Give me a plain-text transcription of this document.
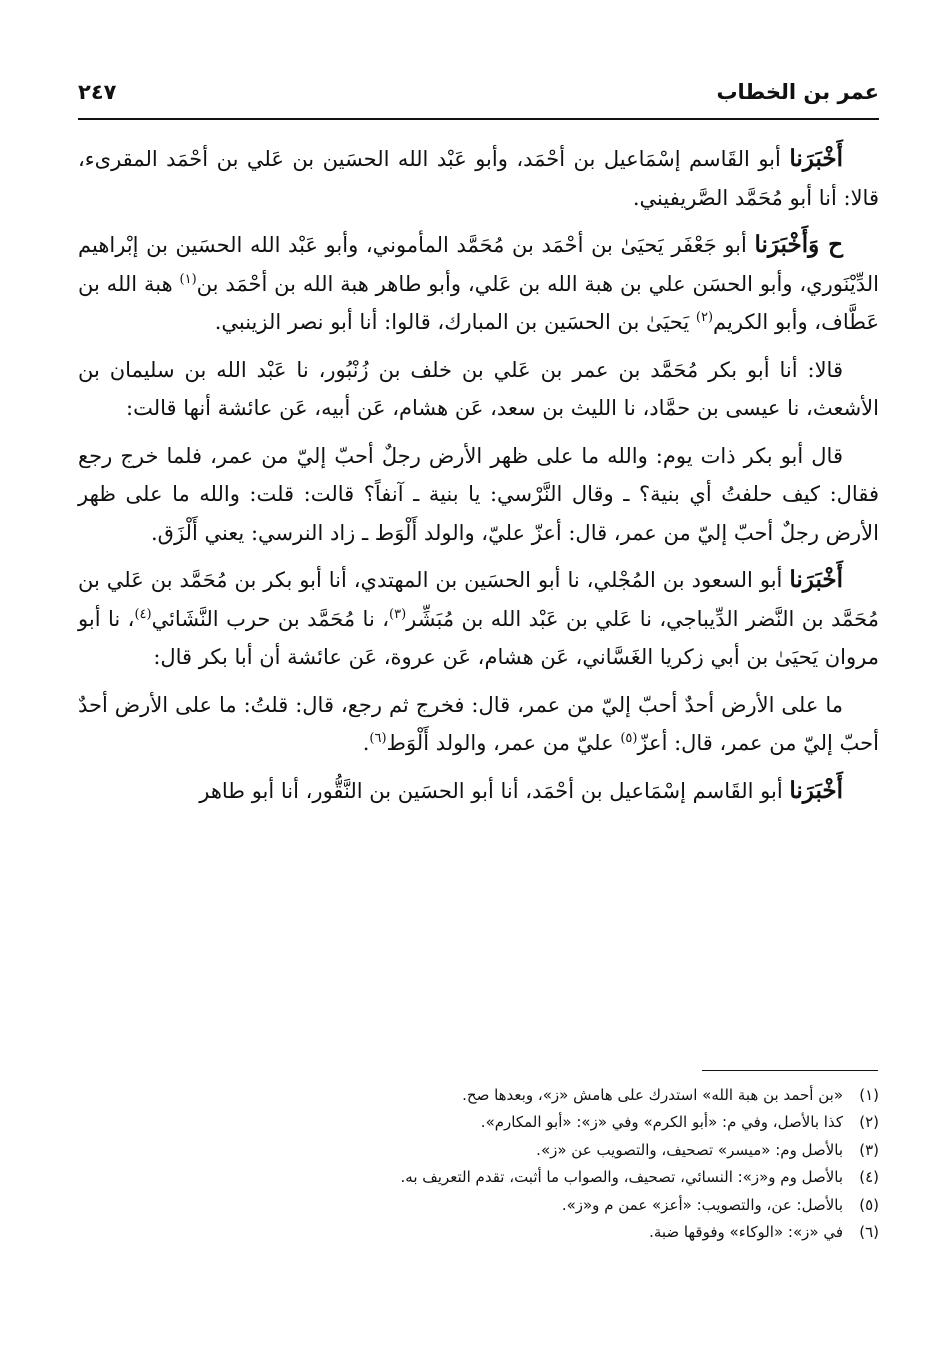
عمر بن الخطاب
٢٤٧

أَخْبَرَنا أبو القَاسم إسْمَاعيل بن أحْمَد، وأبو عَبْد الله الحسَين بن عَلي بن أحْمَد المقرىء، قالا: أنا أبو مُحَمَّد الصَّريفيني.

ح وَأَخْبَرَنا أبو جَعْفَر يَحيَىٰ بن أحْمَد بن مُحَمَّد المأموني، وأبو عَبْد الله الحسَين بن إبْراهيم الدِّيْنَوري، وأبو الحسَن علي بن هبة الله بن عَلي، وأبو طاهر هبة الله بن أحْمَد بن$^{(١)}$ هبة الله بن عَطَّاف، وأبو الكريم$^{(٢)}$ يَحيَىٰ بن الحسَين بن المبارك، قالوا: أنا أبو نصر الزينبي.

قالا: أنا أبو بكر مُحَمَّد بن عمر بن عَلي بن خلف بن زُنْبُور، نا عَبْد الله بن سليمان بن الأشعث، نا عيسى بن حمَّاد، نا الليث بن سعد، عَن هشام، عَن أبيه، عَن عائشة أنها قالت:

قال أبو بكر ذات يوم: والله ما على ظهر الأرض رجلٌ أحبّ إليّ من عمر، فلما خرج رجع فقال: كيف حلفتُ أي بنية؟ ـ وقال النَّرْسي: يا بنية ـ آنفاً؟ قالت: قلت: والله ما على ظهر الأرض رجلٌ أحبّ إليّ من عمر، قال: أعزّ عليّ، والولد أَلْوَط ـ زاد النرسي: يعني أَلْزَق.

أَخْبَرَنا أبو السعود بن المُجْلي، نا أبو الحسَين بن المهتدي، أنا أبو بكر بن مُحَمَّد بن عَلي بن مُحَمَّد بن النَّضر الدِّيباجي، نا عَلي بن عَبْد الله بن مُبَشِّر$^{(٣)}$، نا مُحَمَّد بن حرب النَّشَائي$^{(٤)}$، نا أبو مروان يَحيَىٰ بن أبي زكريا الغَسَّاني، عَن هشام، عَن عروة، عَن عائشة أن أبا بكر قال:

ما على الأرض أحدٌ أحبّ إليّ من عمر، قال: فخرج ثم رجع، قال: قلتُ: ما على الأرض أحدٌ أحبّ إليّ من عمر، قال: أعزّ$^{(٥)}$ عليّ من عمر، والولد أَلْوَط$^{(٦)}$.

أَخْبَرَنا أبو القَاسم إسْمَاعيل بن أحْمَد، أنا أبو الحسَين بن النَّقُّور، أنا أبو طاهر

(١)
«بن أحمد بن هبة الله» استدرك على هامش «ز»، وبعدها صح.
(٢)
كذا بالأصل، وفي م: «أبو الكرم» وفي «ز»: «أبو المكارم».
(٣)
بالأصل وم: «ميسر» تصحيف، والتصويب عن «ز».
(٤)
بالأصل وم و«ز»: النسائي، تصحيف، والصواب ما أثبت، تقدم التعريف به.
(٥)
بالأصل: عن، والتصويب: «أعز» عمن م و«ز».
(٦)
في «ز»: «الوكاء» وفوقها ضبة.
